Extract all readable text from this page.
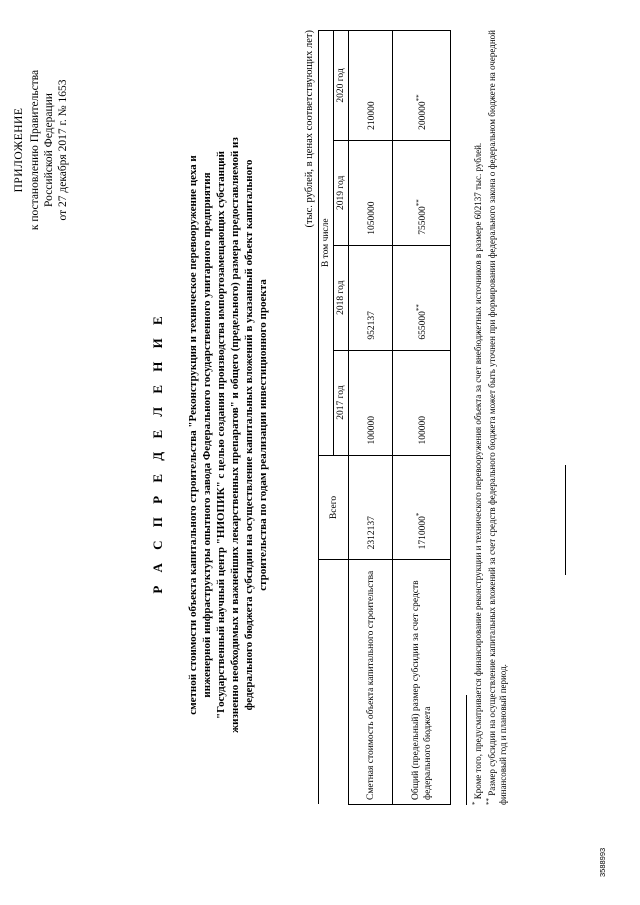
ПРИЛОЖЕНИЕ к постановлению Правительства Российской Федерации от 27 декабря 2017 г. № 1653
Р А С П Р Е Д Е Л Е Н И Е сметной стоимости объекта капитального строительства "Реконструкция и техническое перевооружение цеха и инженерной инфраструктуры опытного завода Федерального государственного унитарного предприятия "Государственный научный центр "НИОПИК" с целью создания производства импортозамещающих субстанций жизненно необходимых и важнейших лекарственных препаратов" и общего (предельного) размера предоставляемой из федерального бюджета субсидии на осуществление капитальных вложений в указанный объект капитального строительства по годам реализации инвестиционного проекта
(тыс. рублей, в ценах соответствующих лет)
	Всего	В том числе			
		2017 год	2018 год	2019 год	2020 год
Сметная стоимость объекта капитального строительства	2312137	100000	952137	1050000	210000
Общий (предельный) размер субсидии за счет средств федерального бюджета	1710000*	100000	655000**	755000**	200000**

* Кроме того, предусматривается финансирование реконструкции и технического перевооружения объекта за счет внебюджетных источников в размере 602137 тыс. рублей. ** Размер субсидии на осуществление капитальных вложений за счет средств федерального бюджета может быть уточнен при формировании федерального закона о федеральном бюджете на очередной финансовый год и плановый период.

3588993
